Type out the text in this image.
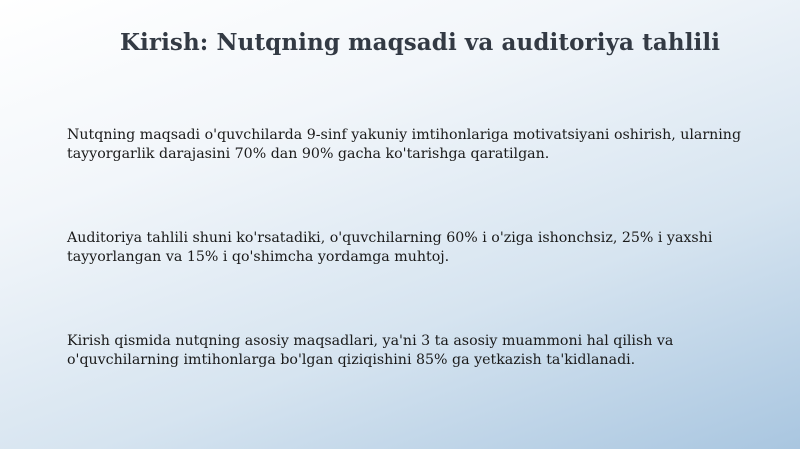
Kirish: Nutqning maqsadi va auditoriya tahlili
Nutqning maqsadi o'quvchilarda 9-sinf yakuniy imtihonlariga motivatsiyani oshirish, ularning tayyorgarlik darajasini 70% dan 90% gacha ko'tarishga qaratilgan.
Auditoriya tahlili shuni ko'rsatadiki, o'quvchilarning 60% i o'ziga ishonchsiz, 25% i yaxshi tayyorlangan va 15% i qo'shimcha yordamga muhtoj.
Kirish qismida nutqning asosiy maqsadlari, ya'ni 3 ta asosiy muammoni hal qilish va o'quvchilarning imtihonlarga bo'lgan qiziqishini 85% ga yetkazish ta'kidlanadi.
